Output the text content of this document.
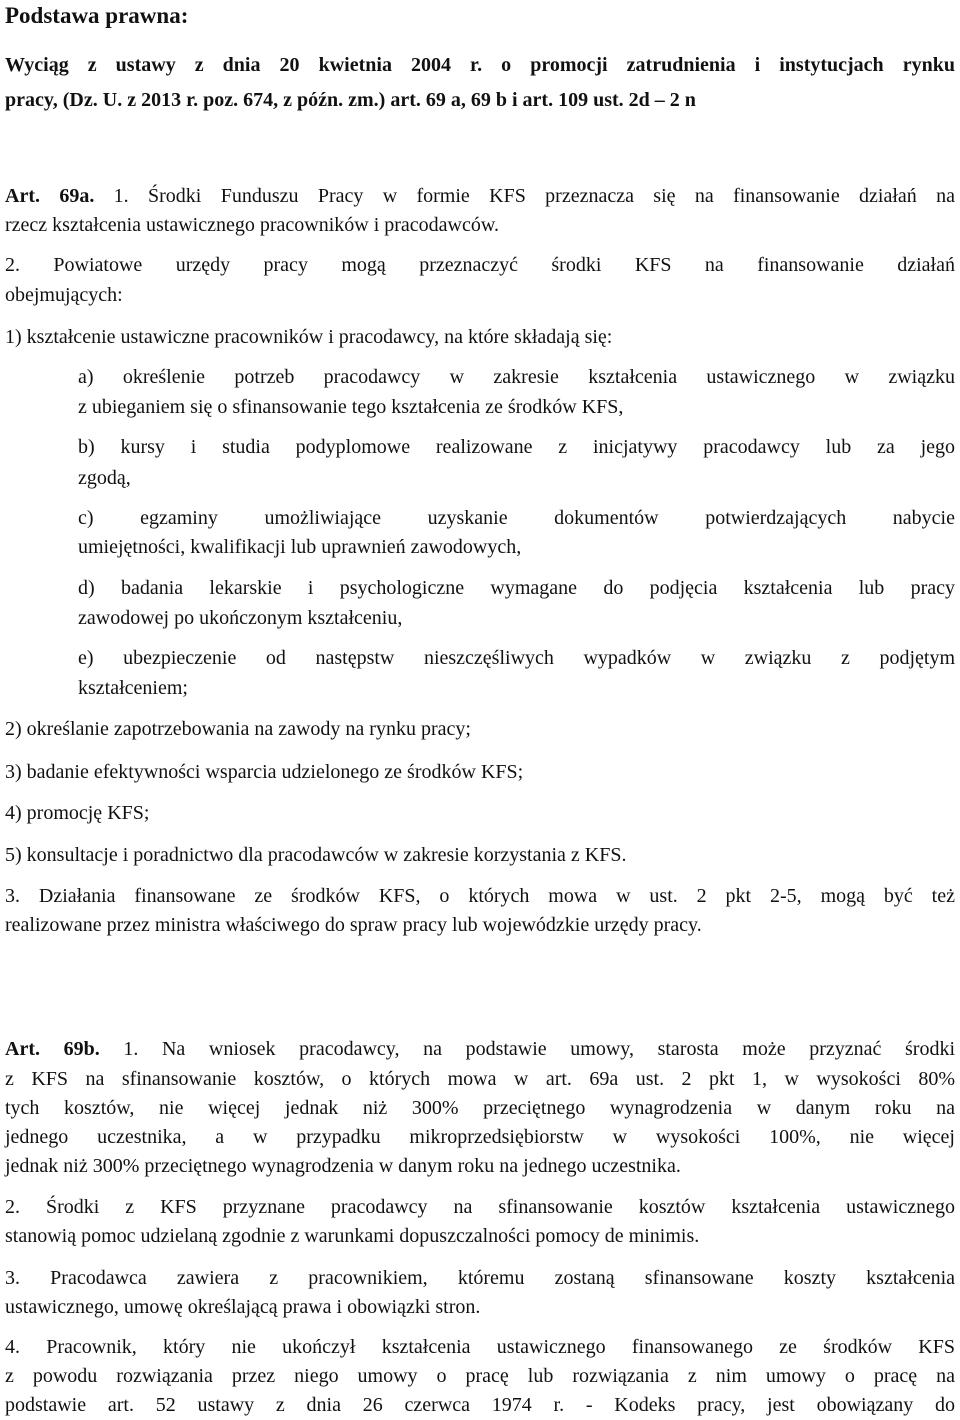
Podstawa prawna:
Wyciąg z ustawy z dnia 20 kwietnia 2004 r. o promocji zatrudnienia i instytucjach rynku
pracy, (Dz. U. z 2013 r. poz. 674, z późn. zm.) art. 69 a, 69 b i art. 109 ust. 2d – 2 n
Art. 69a. 1. Środki Funduszu Pracy w formie KFS przeznacza się na finansowanie działań na
rzecz kształcenia ustawicznego pracowników i pracodawców.
2. Powiatowe urzędy pracy mogą przeznaczyć środki KFS na finansowanie działań
obejmujących:
1) kształcenie ustawiczne pracowników i pracodawcy, na które składają się:
a) określenie potrzeb pracodawcy w zakresie kształcenia ustawicznego w związku
z ubieganiem się o sfinansowanie tego kształcenia ze środków KFS,
b) kursy i studia podyplomowe realizowane z inicjatywy pracodawcy lub za jego
zgodą,
c) egzaminy umożliwiające uzyskanie dokumentów potwierdzających nabycie
umiejętności, kwalifikacji lub uprawnień zawodowych,
d) badania lekarskie i psychologiczne wymagane do podjęcia kształcenia lub pracy
zawodowej po ukończonym kształceniu,
e) ubezpieczenie od następstw nieszczęśliwych wypadków w związku z podjętym
kształceniem;
2) określanie zapotrzebowania na zawody na rynku pracy;
3) badanie efektywności wsparcia udzielonego ze środków KFS;
4) promocję KFS;
5) konsultacje i poradnictwo dla pracodawców w zakresie korzystania z KFS.
3. Działania finansowane ze środków KFS, o których mowa w ust. 2 pkt 2-5, mogą być też
realizowane przez ministra właściwego do spraw pracy lub wojewódzkie urzędy pracy.
Art. 69b. 1. Na wniosek pracodawcy, na podstawie umowy, starosta może przyznać środki
z KFS na sfinansowanie kosztów, o których mowa w art. 69a ust. 2 pkt 1, w wysokości 80%
tych kosztów, nie więcej jednak niż 300% przeciętnego wynagrodzenia w danym roku na
jednego uczestnika, a w przypadku mikroprzedsiębiorstw w wysokości 100%, nie więcej
jednak niż 300% przeciętnego wynagrodzenia w danym roku na jednego uczestnika.
2. Środki z KFS przyznane pracodawcy na sfinansowanie kosztów kształcenia ustawicznego
stanowią pomoc udzielaną zgodnie z warunkami dopuszczalności pomocy de minimis.
3. Pracodawca zawiera z pracownikiem, któremu zostaną sfinansowane koszty kształcenia
ustawicznego, umowę określającą prawa i obowiązki stron.
4. Pracownik, który nie ukończył kształcenia ustawicznego finansowanego ze środków KFS
z powodu rozwiązania przez niego umowy o pracę lub rozwiązania z nim umowy o pracę na
podstawie art. 52 ustawy z dnia 26 czerwca 1974 r. - Kodeks pracy, jest obowiązany do
